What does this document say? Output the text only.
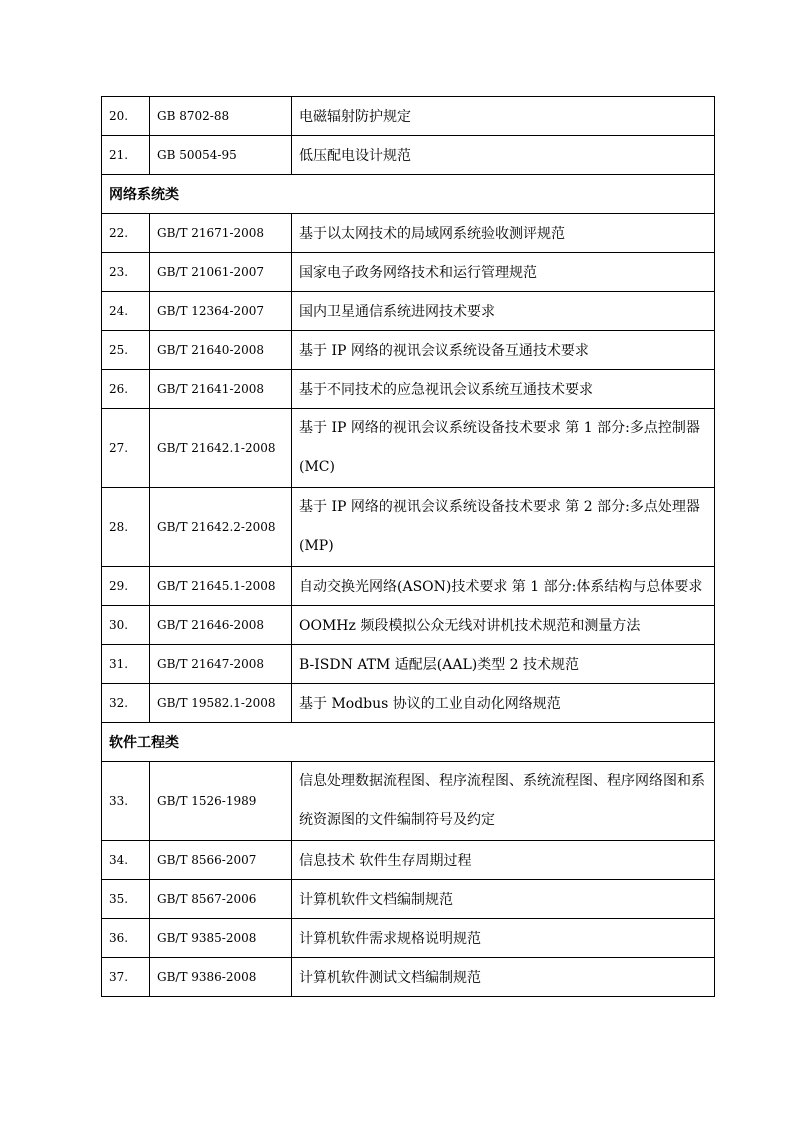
20.	GB 8702-88	电磁辐射防护规定
21.	GB 50054-95	低压配电设计规范
网络系统类		
22.	GB/T 21671-2008	基于以太网技术的局域网系统验收测评规范
23.	GB/T 21061-2007	国家电子政务网络技术和运行管理规范
24.	GB/T 12364-2007	国内卫星通信系统进网技术要求
25.	GB/T 21640-2008	基于 IP 网络的视讯会议系统设备互通技术要求
26.	GB/T 21641-2008	基于不同技术的应急视讯会议系统互通技术要求
27.	GB/T 21642.1-2008	基于 IP 网络的视讯会议系统设备技术要求 第 1 部分:多点控制器 (MC)
28.	GB/T 21642.2-2008	基于 IP 网络的视讯会议系统设备技术要求 第 2 部分:多点处理器 (MP)
29.	GB/T 21645.1-2008	自动交换光网络(ASON)技术要求 第 1 部分:体系结构与总体要求
30.	GB/T 21646-2008	OOMHz 频段模拟公众无线对讲机技术规范和测量方法
31.	GB/T 21647-2008	B-ISDN ATM 适配层(AAL)类型 2 技术规范
32.	GB/T 19582.1-2008	基于 Modbus 协议的工业自动化网络规范
软件工程类		
33.	GB/T 1526-1989	信息处理数据流程图、程序流程图、系统流程图、程序网络图和系统资源图的文件编制符号及约定
34.	GB/T 8566-2007	信息技术 软件生存周期过程
35.	GB/T 8567-2006	计算机软件文档编制规范
36.	GB/T 9385-2008	计算机软件需求规格说明规范
37.	GB/T 9386-2008	计算机软件测试文档编制规范
